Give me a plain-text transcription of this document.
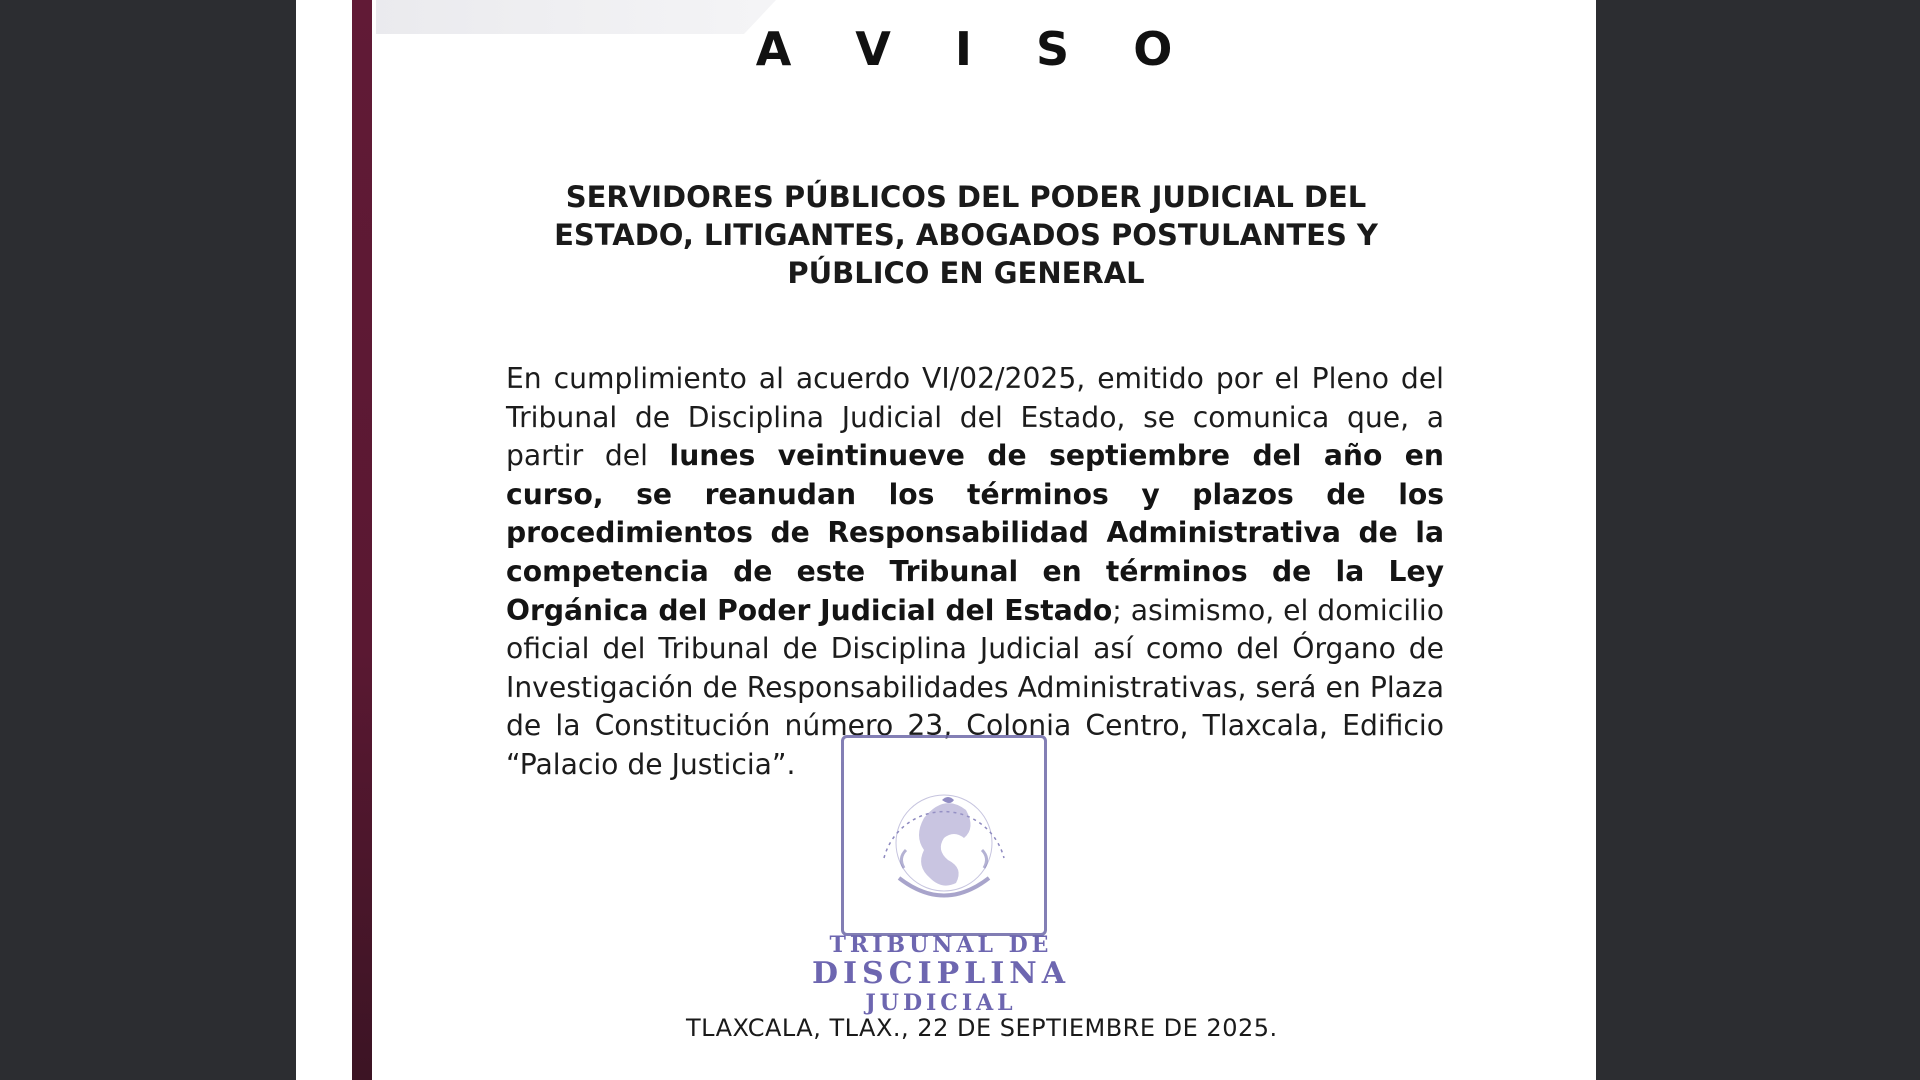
A V I S O
SERVIDORES PÚBLICOS DEL PODER JUDICIAL DEL
ESTADO, LITIGANTES, ABOGADOS POSTULANTES Y
PÚBLICO EN GENERAL
En cumplimiento al acuerdo VI/02/2025, emitido por el Pleno del Tribunal de Disciplina Judicial del Estado, se comunica que, a partir del lunes veintinueve de septiembre del año en curso, se reanudan los términos y plazos de los procedimientos de Responsabilidad Administrativa de la competencia de este Tribunal en términos de la Ley Orgánica del Poder Judicial del Estado; asimismo, el domicilio oficial del Tribunal de Disciplina Judicial así como del Órgano de Investigación de Responsabilidades Administrativas, será en Plaza de la Constitución número 23, Colonia Centro, Tlaxcala, Edificio “Palacio de Justicia”.
TRIBUNAL DE
DISCIPLINA
JUDICIAL
TLAXCALA, TLAX., 22 DE SEPTIEMBRE DE 2025.
